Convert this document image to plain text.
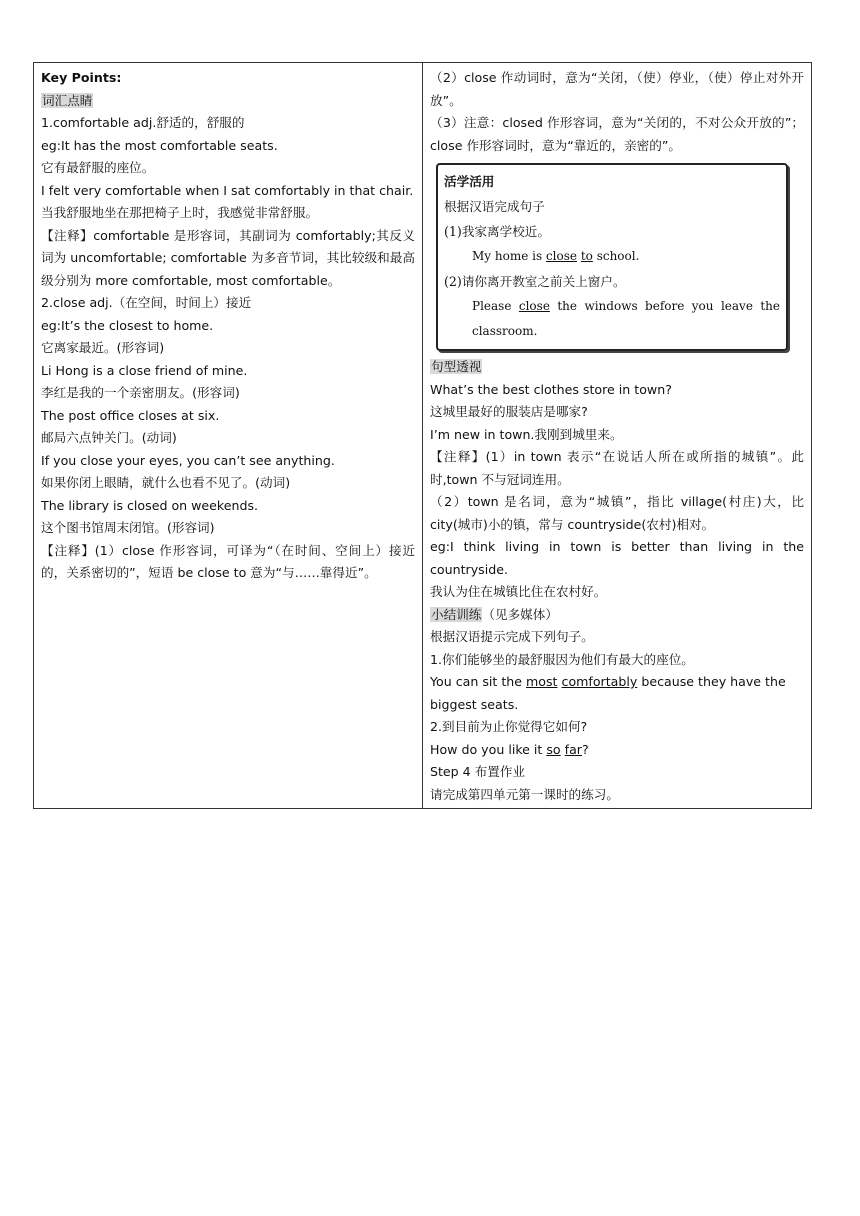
Key Points:

词汇点睛

1.comfortable adj.舒适的，舒服的

eg:It has the most comfortable seats.

它有最舒服的座位。

I felt very comfortable when I sat comfortably in that chair.

当我舒服地坐在那把椅子上时，我感觉非常舒服。

【注释】comfortable 是形容词，其副词为 comfortably;其反义词为 uncomfortable; comfortable 为多音节词，其比较级和最高级分别为 more comfortable, most comfortable。

2.close adj.（在空间，时间上）接近

eg:It’s the closest to home.

它离家最近。(形容词)

Li Hong is a close friend of mine.

李红是我的一个亲密朋友。(形容词)

The post office closes at six.

邮局六点钟关门。(动词)

If you close your eyes, you can’t see anything.

如果你闭上眼睛，就什么也看不见了。(动词)

The library is closed on weekends.

这个图书馆周末闭馆。(形容词)

【注释】(1）close 作形容词，可译为“（在时间、空间上）接近的，关系密切的”，短语 be close to 意为“与……靠得近”。

（2）close 作动词时，意为“关闭，（使）停业，（使）停止对外开放”。

（3）注意：closed 作形容词，意为“关闭的，不对公众开放的”；close 作形容词时，意为“靠近的，亲密的”。

活学活用

根据汉语完成句子

(1)我家离学校近。

My home is close to school.

(2)请你离开教室之前关上窗户。

Please close the windows before you leave the classroom.

句型透视

What’s the best clothes store in town?

这城里最好的服装店是哪家?

I’m new in town.我刚到城里来。

【注释】(1）in town 表示“在说话人所在或所指的城镇”。此时,town 不与冠词连用。

（2）town 是名词，意为“城镇”，指比 village(村庄)大，比 city(城市)小的镇，常与 countryside(农村)相对。

eg:I think living in town is better than living in the countryside.

我认为住在城镇比住在农村好。

小结训练（见多媒体）

根据汉语提示完成下列句子。

1.你们能够坐的最舒服因为他们有最大的座位。

You can sit the most comfortably because they have the biggest seats.

2.到目前为止你觉得它如何?

How do you like it so far?

Step 4 布置作业

请完成第四单元第一课时的练习。
